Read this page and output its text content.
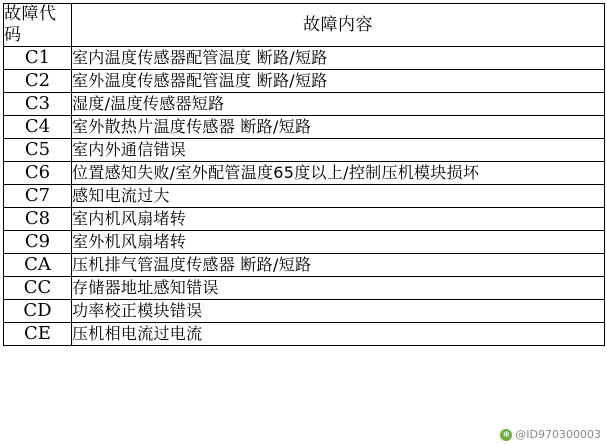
故障代码	故障内容
C1	室内温度传感器配管温度 断路/短路
C2	室外温度传感器配管温度 断路/短路
C3	湿度/温度传感器短路
C4	室外散热片温度传感器 断路/短路
C5	室内外通信错误
C6	位置感知失败/室外配管温度65度以上/控制压机模块损坏
C7	感知电流过大
C8	室内机风扇堵转
C9	室外机风扇堵转
CA	压机排气管温度传感器 断路/短路
CC	存储器地址感知错误
CD	功率校正模块错误
CE	压机相电流过电流
✻ @ID970300003
